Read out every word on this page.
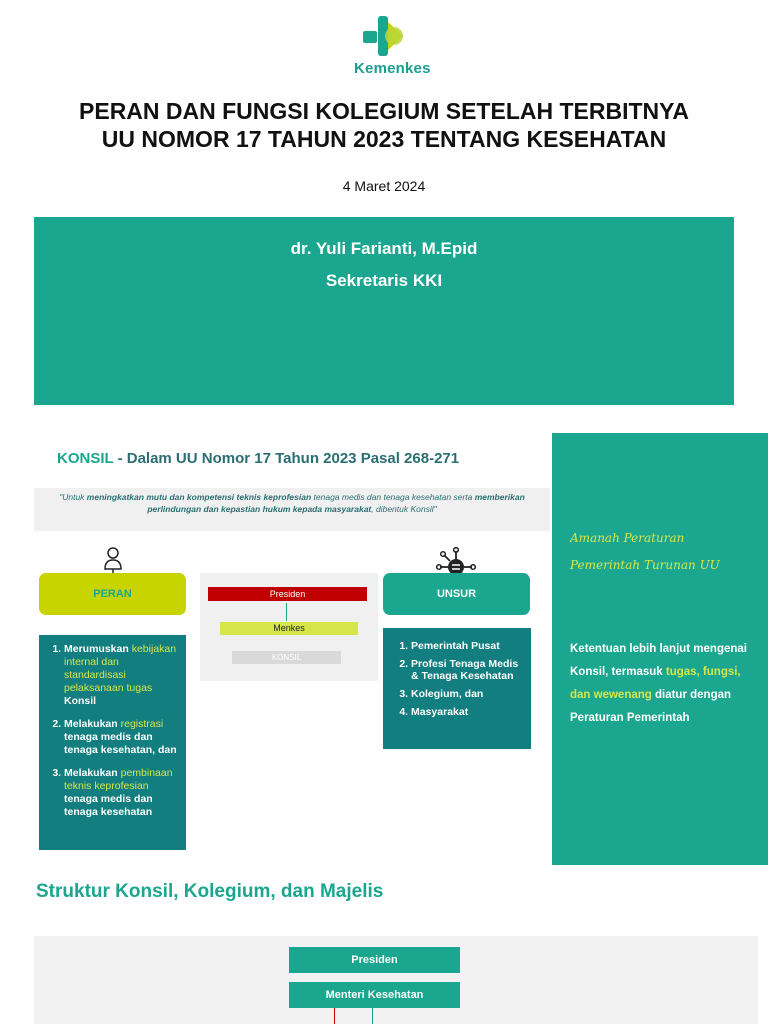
Kemenkes
PERAN DAN FUNGSI KOLEGIUM SETELAH TERBITNYA
UU NOMOR 17 TAHUN 2023 TENTANG KESEHATAN
4 Maret 2024
dr. Yuli Farianti, M.Epid
Sekretaris KKI
KONSIL - Dalam UU Nomor 17 Tahun 2023 Pasal 268-271
"Untuk meningkatkan mutu dan kompetensi teknis keprofesian tenaga medis dan tenaga kesehatan serta memberikan perlindungan dan kepastian hukum kepada masyarakat, dibentuk Konsil"
Amanah Peraturan
Pemerintah Turunan UU
Ketentuan lebih lanjut mengenai Konsil, termasuk tugas, fungsi, dan wewenang diatur dengan Peraturan Pemerintah
PERAN	UNSUR
Presiden
Menkes
KONSIL
1. Merumuskan kebijakan internal dan standardisasi pelaksanaan tugas Konsil
2. Melakukan registrasi tenaga medis dan tenaga kesehatan, dan
3. Melakukan pembinaan teknis keprofesian tenaga medis dan tenaga kesehatan
1. Pemerintah Pusat
2. Profesi Tenaga Medis & Tenaga Kesehatan
3. Kolegium, dan
4. Masyarakat
Struktur Konsil, Kolegium, dan Majelis
Presiden
Menteri Kesehatan
